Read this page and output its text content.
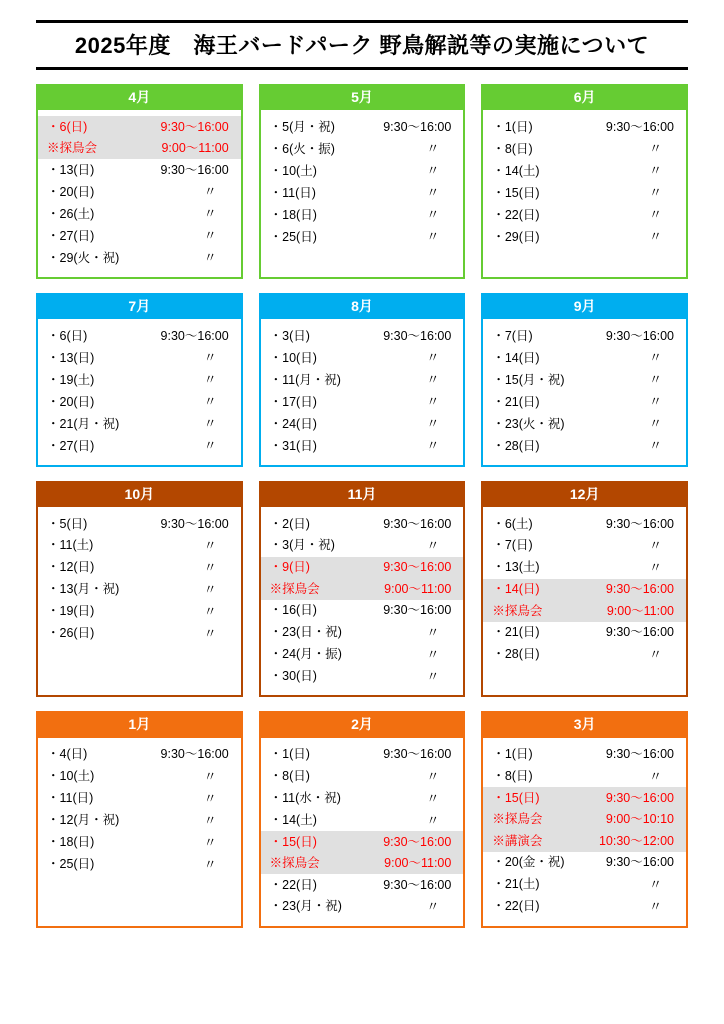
2025年度　海王バードパーク 野鳥解説等の実施について
4月
・6(日)	9:30〜16:00
※探鳥会	9:00〜11:00
・13(日)	9:30〜16:00
・20(日)	〃
・26(土)	〃
・27(日)	〃
・29(火・祝)	〃
5月
・5(月・祝)	9:30〜16:00
・6(火・振)	〃
・10(土)	〃
・11(日)	〃
・18(日)	〃
・25(日)	〃
6月
・1(日)	9:30〜16:00
・8(日)	〃
・14(土)	〃
・15(日)	〃
・22(日)	〃
・29(日)	〃
7月
・6(日)	9:30〜16:00
・13(日)	〃
・19(土)	〃
・20(日)	〃
・21(月・祝)	〃
・27(日)	〃
8月
・3(日)	9:30〜16:00
・10(日)	〃
・11(月・祝)	〃
・17(日)	〃
・24(日)	〃
・31(日)	〃
9月
・7(日)	9:30〜16:00
・14(日)	〃
・15(月・祝)	〃
・21(日)	〃
・23(火・祝)	〃
・28(日)	〃
10月
・5(日)	9:30〜16:00
・11(土)	〃
・12(日)	〃
・13(月・祝)	〃
・19(日)	〃
・26(日)	〃
11月
・2(日)	9:30〜16:00
・3(月・祝)	〃
・9(日)	9:30〜16:00
※探鳥会	9:00〜11:00
・16(日)	9:30〜16:00
・23(日・祝)	〃
・24(月・振)	〃
・30(日)	〃
12月
・6(土)	9:30〜16:00
・7(日)	〃
・13(土)	〃
・14(日)	9:30〜16:00
※探鳥会	9:00〜11:00
・21(日)	9:30〜16:00
・28(日)	〃
1月
・4(日)	9:30〜16:00
・10(土)	〃
・11(日)	〃
・12(月・祝)	〃
・18(日)	〃
・25(日)	〃
2月
・1(日)	9:30〜16:00
・8(日)	〃
・11(水・祝)	〃
・14(土)	〃
・15(日)	9:30〜16:00
※探鳥会	9:00〜11:00
・22(日)	9:30〜16:00
・23(月・祝)	〃
3月
・1(日)	9:30〜16:00
・8(日)	〃
・15(日)	9:30〜16:00
※探鳥会	9:00〜10:10
※講演会	10:30〜12:00
・20(金・祝)	9:30〜16:00
・21(土)	〃
・22(日)	〃
